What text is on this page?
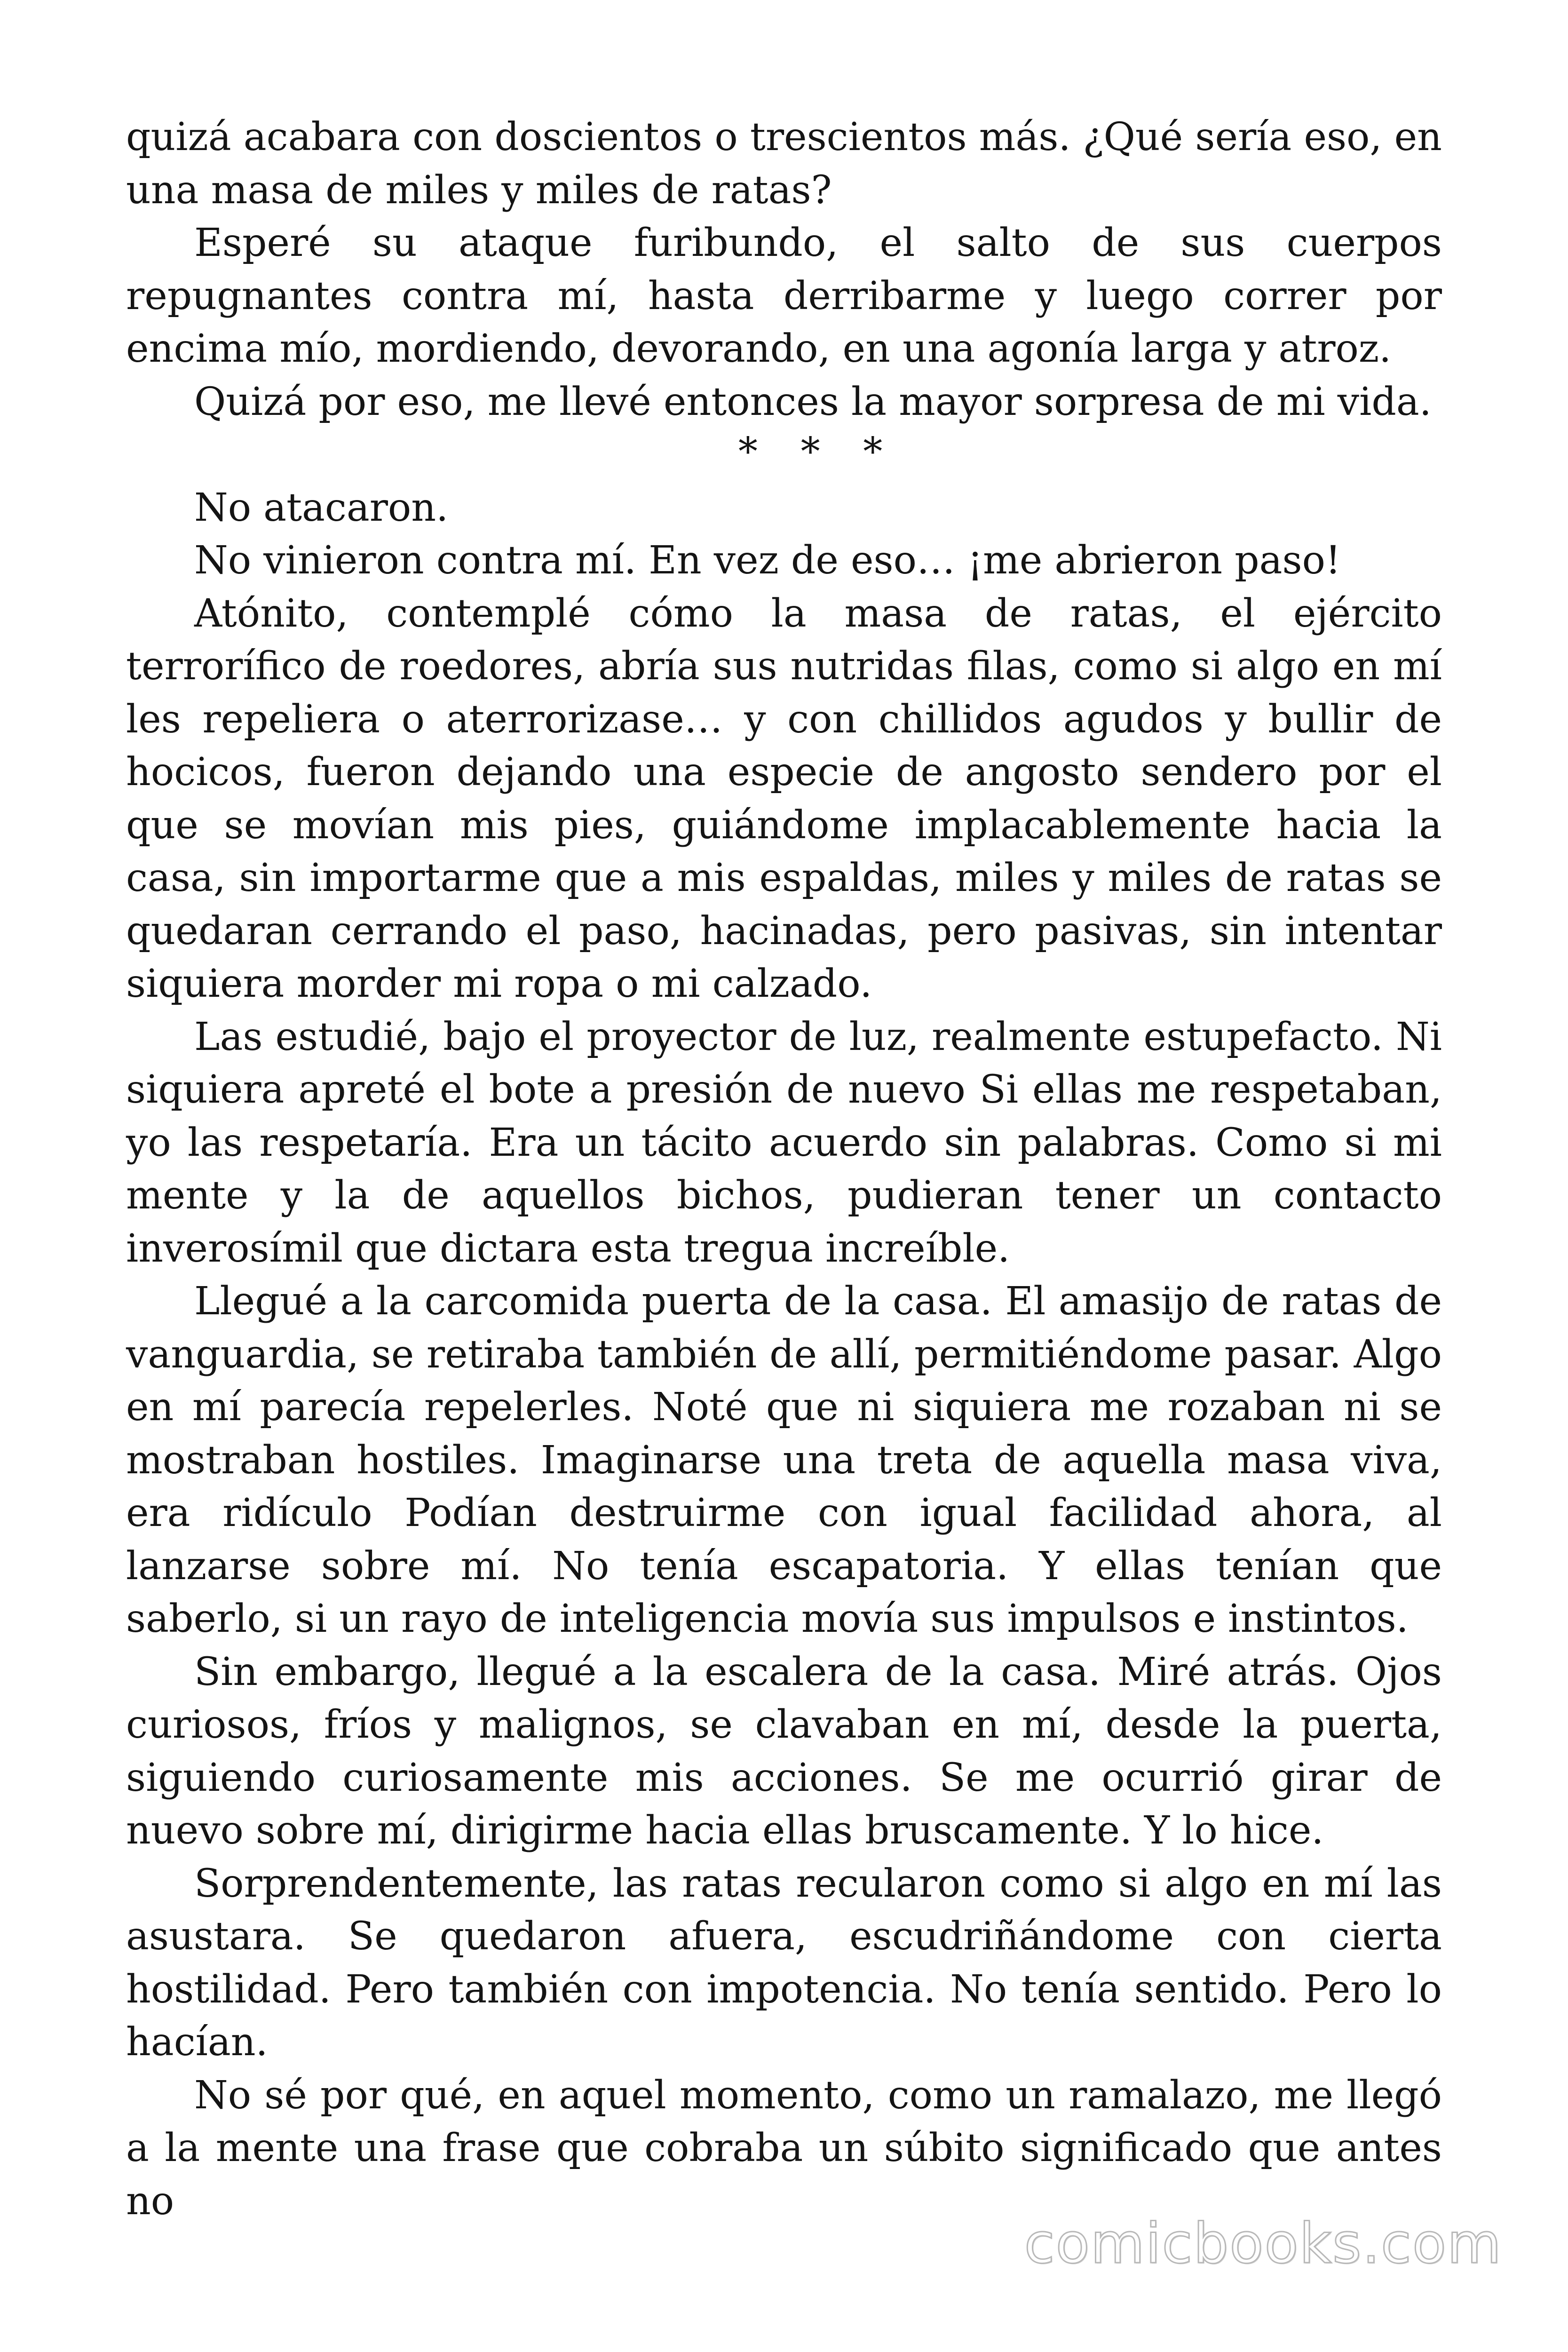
quizá acabara con doscientos o trescientos más. ¿Qué sería eso, en una masa de miles y miles de ratas?

Esperé su ataque furibundo, el salto de sus cuerpos repugnantes contra mí, hasta derribarme y luego correr por encima mío, mordiendo, devorando, en una agonía larga y atroz.

Quizá por eso, me llevé entonces la mayor sorpresa de mi vida.

* * *

No atacaron.

No vinieron contra mí. En vez de eso… ¡me abrieron paso!

Atónito, contemplé cómo la masa de ratas, el ejército terrorífico de roedores, abría sus nutridas filas, como si algo en mí les repeliera o aterrorizase… y con chillidos agudos y bullir de hocicos, fueron dejando una especie de angosto sendero por el que se movían mis pies, guiándome implacablemente hacia la casa, sin importarme que a mis espaldas, miles y miles de ratas se quedaran cerrando el paso, hacinadas, pero pasivas, sin intentar siquiera morder mi ropa o mi calzado.

Las estudié, bajo el proyector de luz, realmente estupefacto. Ni siquiera apreté el bote a presión de nuevo Si ellas me respetaban, yo las respetaría. Era un tácito acuerdo sin palabras. Como si mi mente y la de aquellos bichos, pudieran tener un contacto inverosímil que dictara esta tregua increíble.

Llegué a la carcomida puerta de la casa. El amasijo de ratas de vanguardia, se retiraba también de allí, permitiéndome pasar. Algo en mí parecía repelerles. Noté que ni siquiera me rozaban ni se mostraban hostiles. Imaginarse una treta de aquella masa viva, era ridículo Podían destruirme con igual facilidad ahora, al lanzarse sobre mí. No tenía escapatoria. Y ellas tenían que saberlo, si un rayo de inteligencia movía sus impulsos e instintos.

Sin embargo, llegué a la escalera de la casa. Miré atrás. Ojos curiosos, fríos y malignos, se clavaban en mí, desde la puerta, siguiendo curiosamente mis acciones. Se me ocurrió girar de nuevo sobre mí, dirigirme hacia ellas bruscamente. Y lo hice.

Sorprendentemente, las ratas recularon como si algo en mí las asustara. Se quedaron afuera, escudriñándome con cierta hostilidad. Pero también con impotencia. No tenía sentido. Pero lo hacían.

No sé por qué, en aquel momento, como un ramalazo, me llegó a la mente una frase que cobraba un súbito significado que antes no

comicbooks.com
